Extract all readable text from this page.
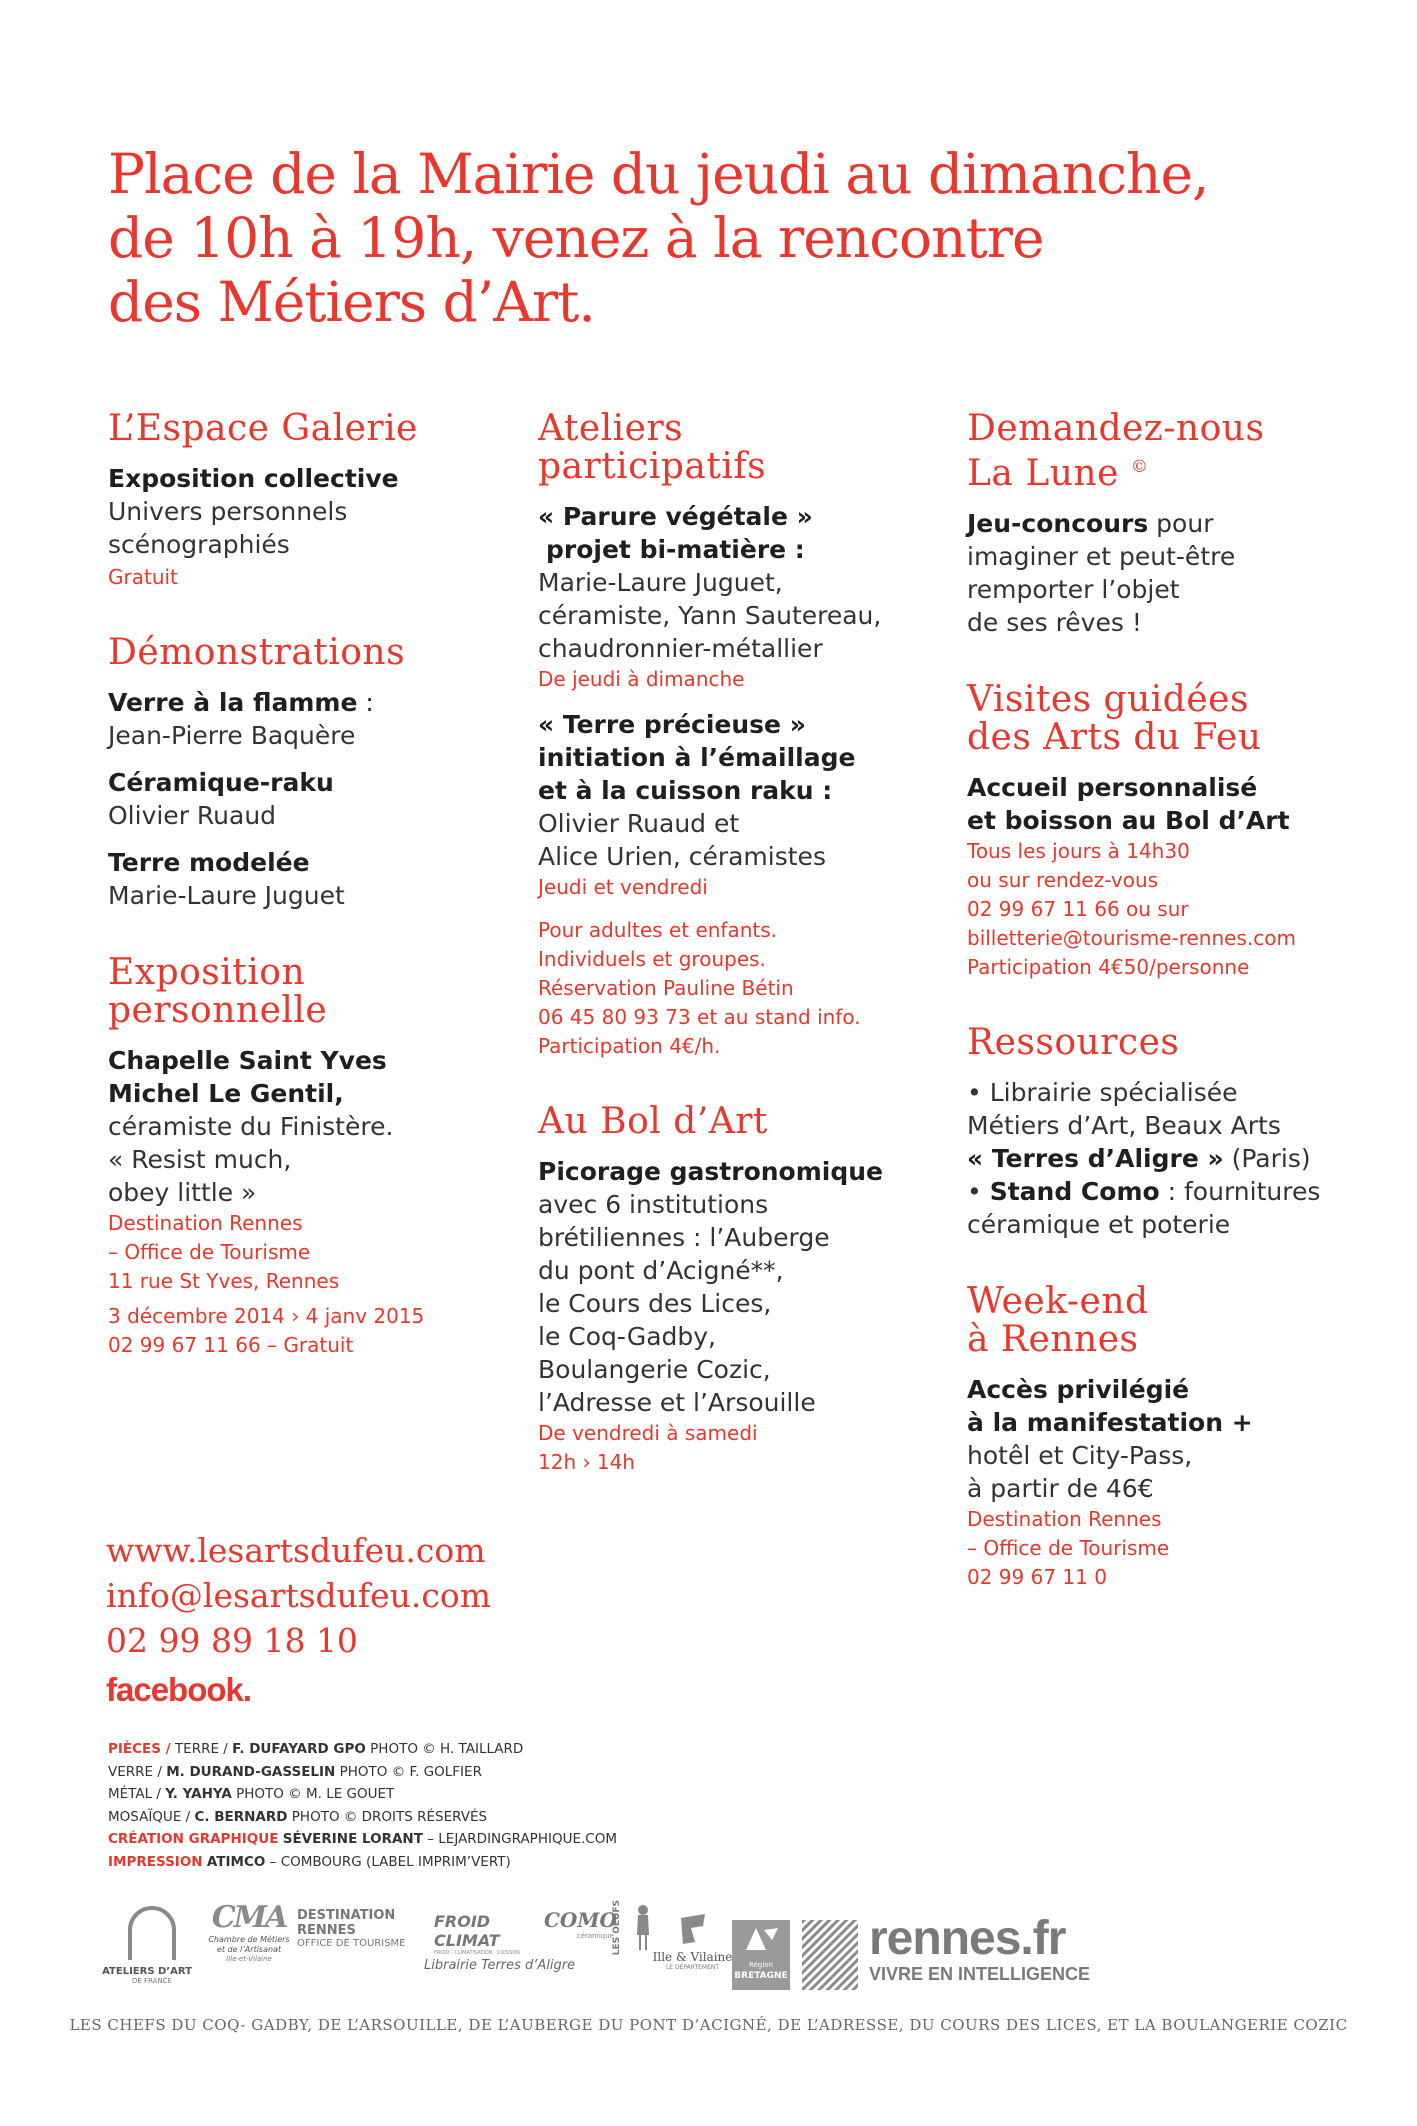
Place de la Mairie du jeudi au dimanche,
de 10h à 19h, venez à la rencontre
des Métiers d’Art.
L’Espace Galerie
Exposition collective
Univers personnels
scénographiés
Gratuit
Démonstrations
Verre à la flamme :
Jean-Pierre Baquère
Céramique-raku
Olivier Ruaud
Terre modelée
Marie-Laure Juguet
Exposition
personnelle
Chapelle Saint Yves
Michel Le Gentil,
céramiste du Finistère.
« Resist much,
obey little »
Destination Rennes
– Office de Tourisme
11 rue St Yves, Rennes
3 décembre 2014 › 4 janv 2015
02 99 67 11 66 – Gratuit
Ateliers
participatifs
« Parure végétale »
projet bi-matière :
Marie-Laure Juguet,
céramiste, Yann Sautereau,
chaudronnier-métallier
De jeudi à dimanche
« Terre précieuse »
initiation à l’émaillage
et à la cuisson raku :
Olivier Ruaud et
Alice Urien, céramistes
Jeudi et vendredi
Pour adultes et enfants.
Individuels et groupes.
Réservation Pauline Bétin
06 45 80 93 73 et au stand info.
Participation 4€/h.
Au Bol d’Art
Picorage gastronomique
avec 6 institutions
brétiliennes : l’Auberge
du pont d’Acigné**,
le Cours des Lices,
le Coq-Gadby,
Boulangerie Cozic,
l’Adresse et l’Arsouille
De vendredi à samedi
12h › 14h
Demandez-nous
La Lune ©
Jeu-concours pour
imaginer et peut-être
remporter l’objet
de ses rêves !
Visites guidées
des Arts du Feu
Accueil personnalisé
et boisson au Bol d’Art
Tous les jours à 14h30
ou sur rendez-vous
02 99 67 11 66 ou sur
billetterie@tourisme-rennes.com
Participation 4€50/personne
Ressources
• Librairie spécialisée
Métiers d’Art, Beaux Arts
« Terres d’Aligre » (Paris)
• Stand Como : fournitures
céramique et poterie
Week-end
à Rennes
Accès privilégié
à la manifestation +
hotêl et City-Pass,
à partir de 46€
Destination Rennes
– Office de Tourisme
02 99 67 11 0
www.lesartsdufeu.com
info@lesartsdufeu.com
02 99 89 18 10
facebook.
PIÈCES / TERRE / F. DUFAYARD GPO PHOTO © H. TAILLARD
VERRE / M. DURAND-GASSELIN PHOTO © F. GOLFIER
MÉTAL / Y. YAHYA PHOTO © M. LE GOUET
MOSAÏQUE / C. BERNARD PHOTO © DROITS RÉSERVÉS
CRÉATION GRAPHIQUE SÉVERINE LORANT – LEJARDINGRAPHIQUE.COM
IMPRESSION ATIMCO – COMBOURG (LABEL IMPRIM’VERT)
ATELIERS D’ART
DE FRANCE
CMA
Chambre de Métiers
et de l’Artisanat
Ille-et-Vilaine
DESTINATION
RENNES
OFFICE DE TOURISME
FROID CLIMAT
FROID · CLIMATISATION · CUISSON
COMO
céramique
Librairie Terres d’Aligre
LES OEUFS
Ille & Vilaine
LE DÉPARTEMENT	Région
BRETAGNE
rennes.fr
VIVRE EN INTELLIGENCE
LES CHEFS DU COQ- GADBY, DE L’ARSOUILLE, DE L’AUBERGE DU PONT D’ACIGNÉ, DE L’ADRESSE, DU COURS DES LICES, ET LA BOULANGERIE COZIC
